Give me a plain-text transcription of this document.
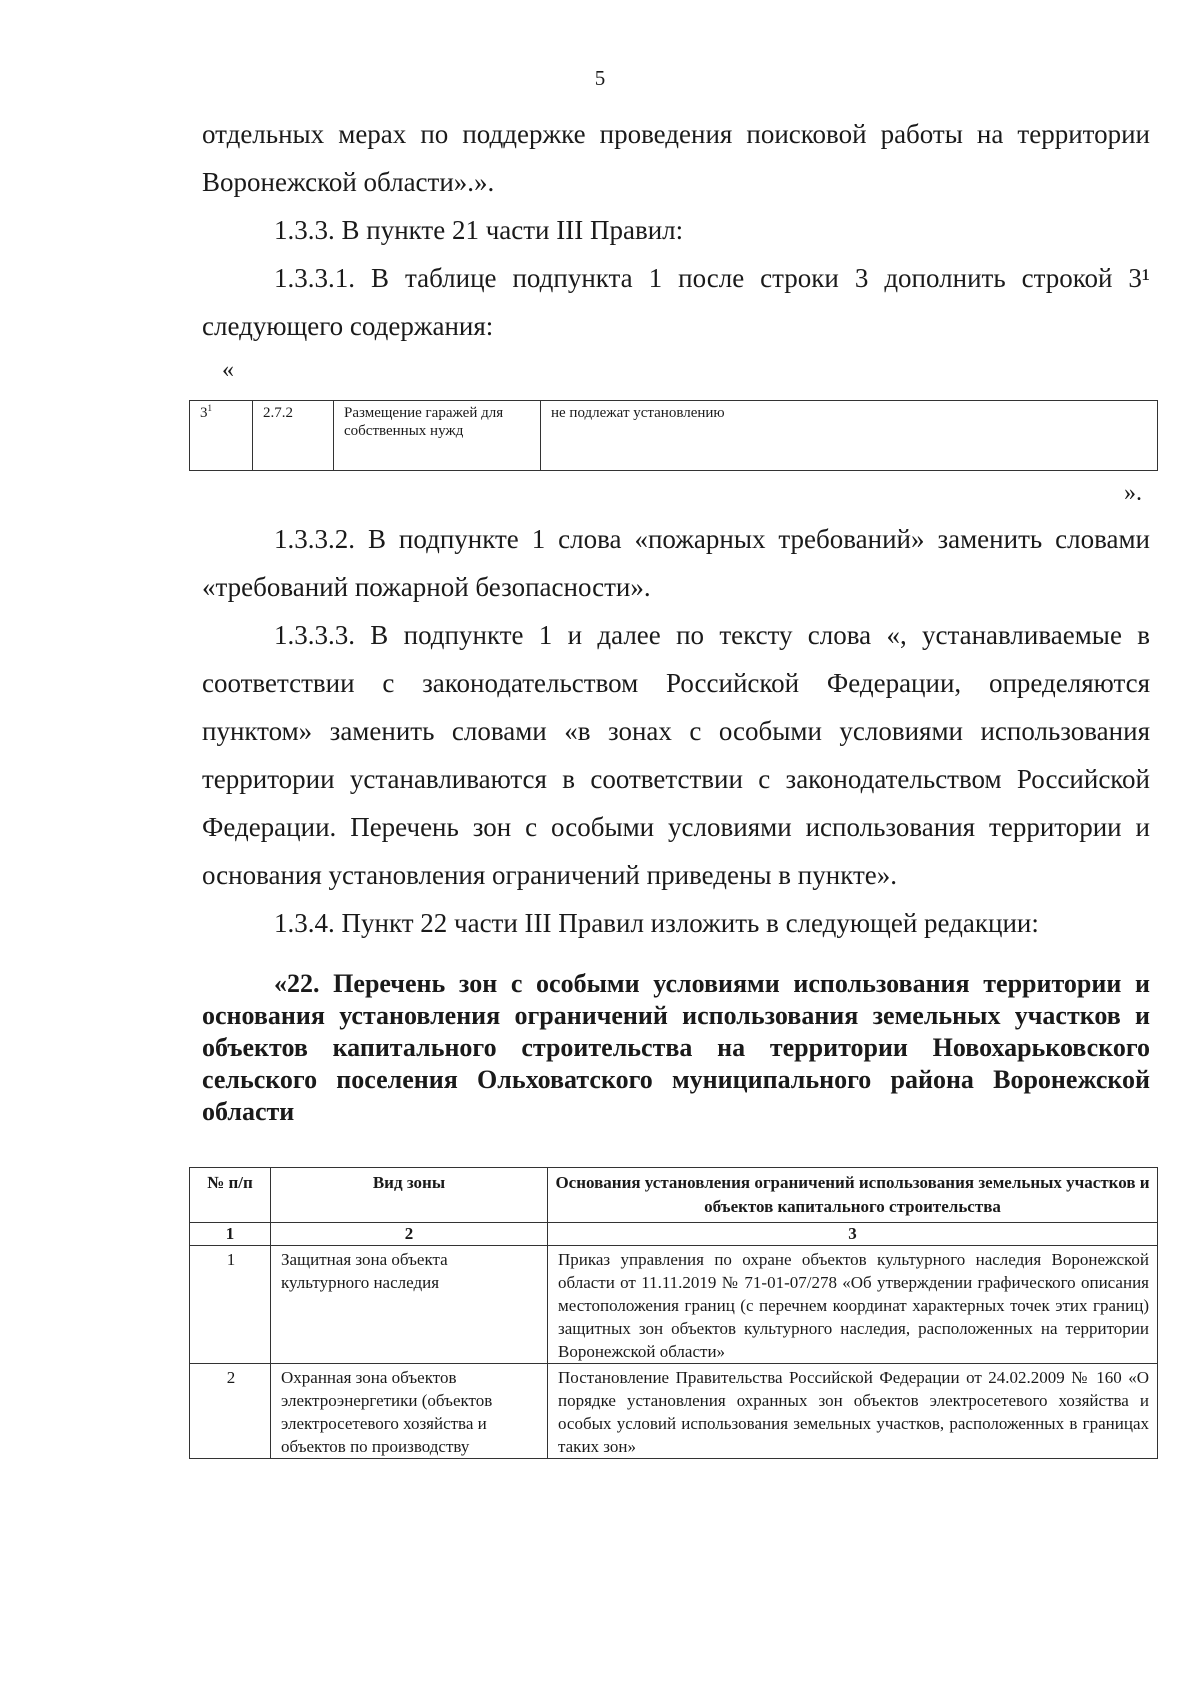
5

отдельных мерах по поддержке проведения поисковой работы на территории Воронежской области».».

1.3.3. В пункте 21 части III Правил:

1.3.3.1. В таблице подпункта 1 после строки 3 дополнить строкой 3¹ следующего содержания:

«
$3^1$	2.7.2	Размещение гаражей для собственных нужд	не подлежат установлению
».

1.3.3.2. В подпункте 1 слова «пожарных требований» заменить словами «требований пожарной безопасности».

1.3.3.3. В подпункте 1 и далее по тексту слова «, устанавливаемые в соответствии с законодательством Российской Федерации, определяются пунктом» заменить словами «в зонах с особыми условиями использования территории устанавливаются в соответствии с законодательством Российской Федерации. Перечень зон с особыми условиями использования территории и основания установления ограничений приведены в пункте».

1.3.4. Пункт 22 части III Правил изложить в следующей редакции:

«22. Перечень зон с особыми условиями использования территории и основания установления ограничений использования земельных участков и объектов капитального строительства на территории Новохарьковского сельского поселения Ольховатского муниципального района Воронежской области

№ п/п	Вид зоны	Основания установления ограничений использования земельных участков и объектов капитального строительства
1	2	3
1	Защитная зона объекта культурного наследия	Приказ управления по охране объектов культурного наследия Воронежской области от 11.11.2019 № 71-01-07/278 «Об утверждении графического описания местоположения границ (с перечнем координат характерных точек этих границ) защитных зон объектов культурного наследия, расположенных на территории Воронежской области»
2	Охранная зона объектов электроэнергетики (объектов электросетевого хозяйства и объектов по производству	Постановление Правительства Российской Федерации от 24.02.2009 № 160 «О порядке установления охранных зон объектов электросетевого хозяйства и особых условий использования земельных участков, расположенных в границах таких зон»
